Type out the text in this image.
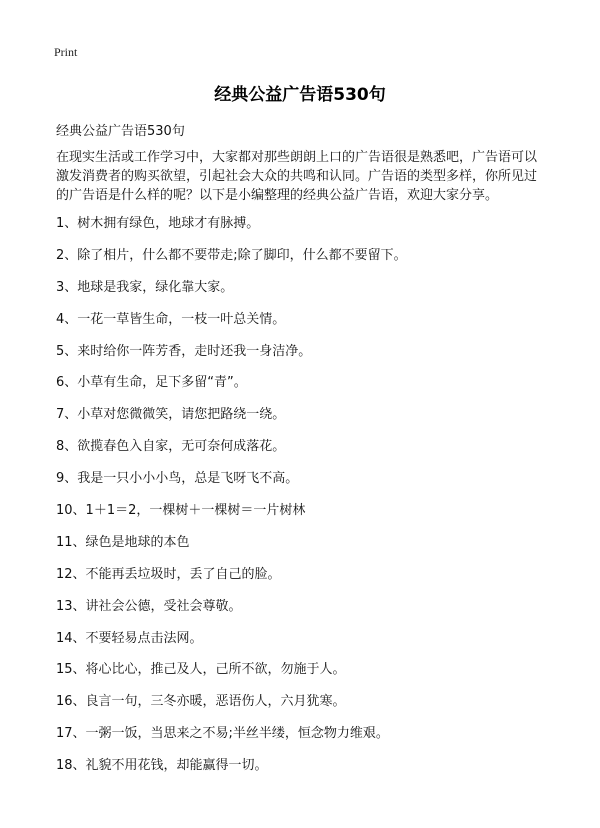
Print
经典公益广告语530句
经典公益广告语530句
在现实生活或工作学习中，大家都对那些朗朗上口的广告语很是熟悉吧，广告语可以激发消费者的购买欲望，引起社会大众的共鸣和认同。广告语的类型多样，你所见过的广告语是什么样的呢？以下是小编整理的经典公益广告语，欢迎大家分享。
1、树木拥有绿色，地球才有脉搏。
2、除了相片，什么都不要带走;除了脚印，什么都不要留下。
3、地球是我家，绿化靠大家。
4、一花一草皆生命，一枝一叶总关情。
5、来时给你一阵芳香，走时还我一身洁净。
6、小草有生命，足下多留“青”。
7、小草对您微微笑，请您把路绕一绕。
8、欲揽春色入自家，无可奈何成落花。
9、我是一只小小小鸟，总是飞呀飞不高。
10、1＋1＝2，一棵树＋一棵树＝一片树林
11、绿色是地球的本色
12、不能再丢垃圾时，丢了自己的脸。
13、讲社会公德，受社会尊敬。
14、不要轻易点击法网。
15、将心比心，推己及人，己所不欲，勿施于人。
16、良言一句，三冬亦暖，恶语伤人，六月犹寒。
17、一粥一饭，当思来之不易;半丝半缕，恒念物力维艰。
18、礼貌不用花钱，却能赢得一切。
